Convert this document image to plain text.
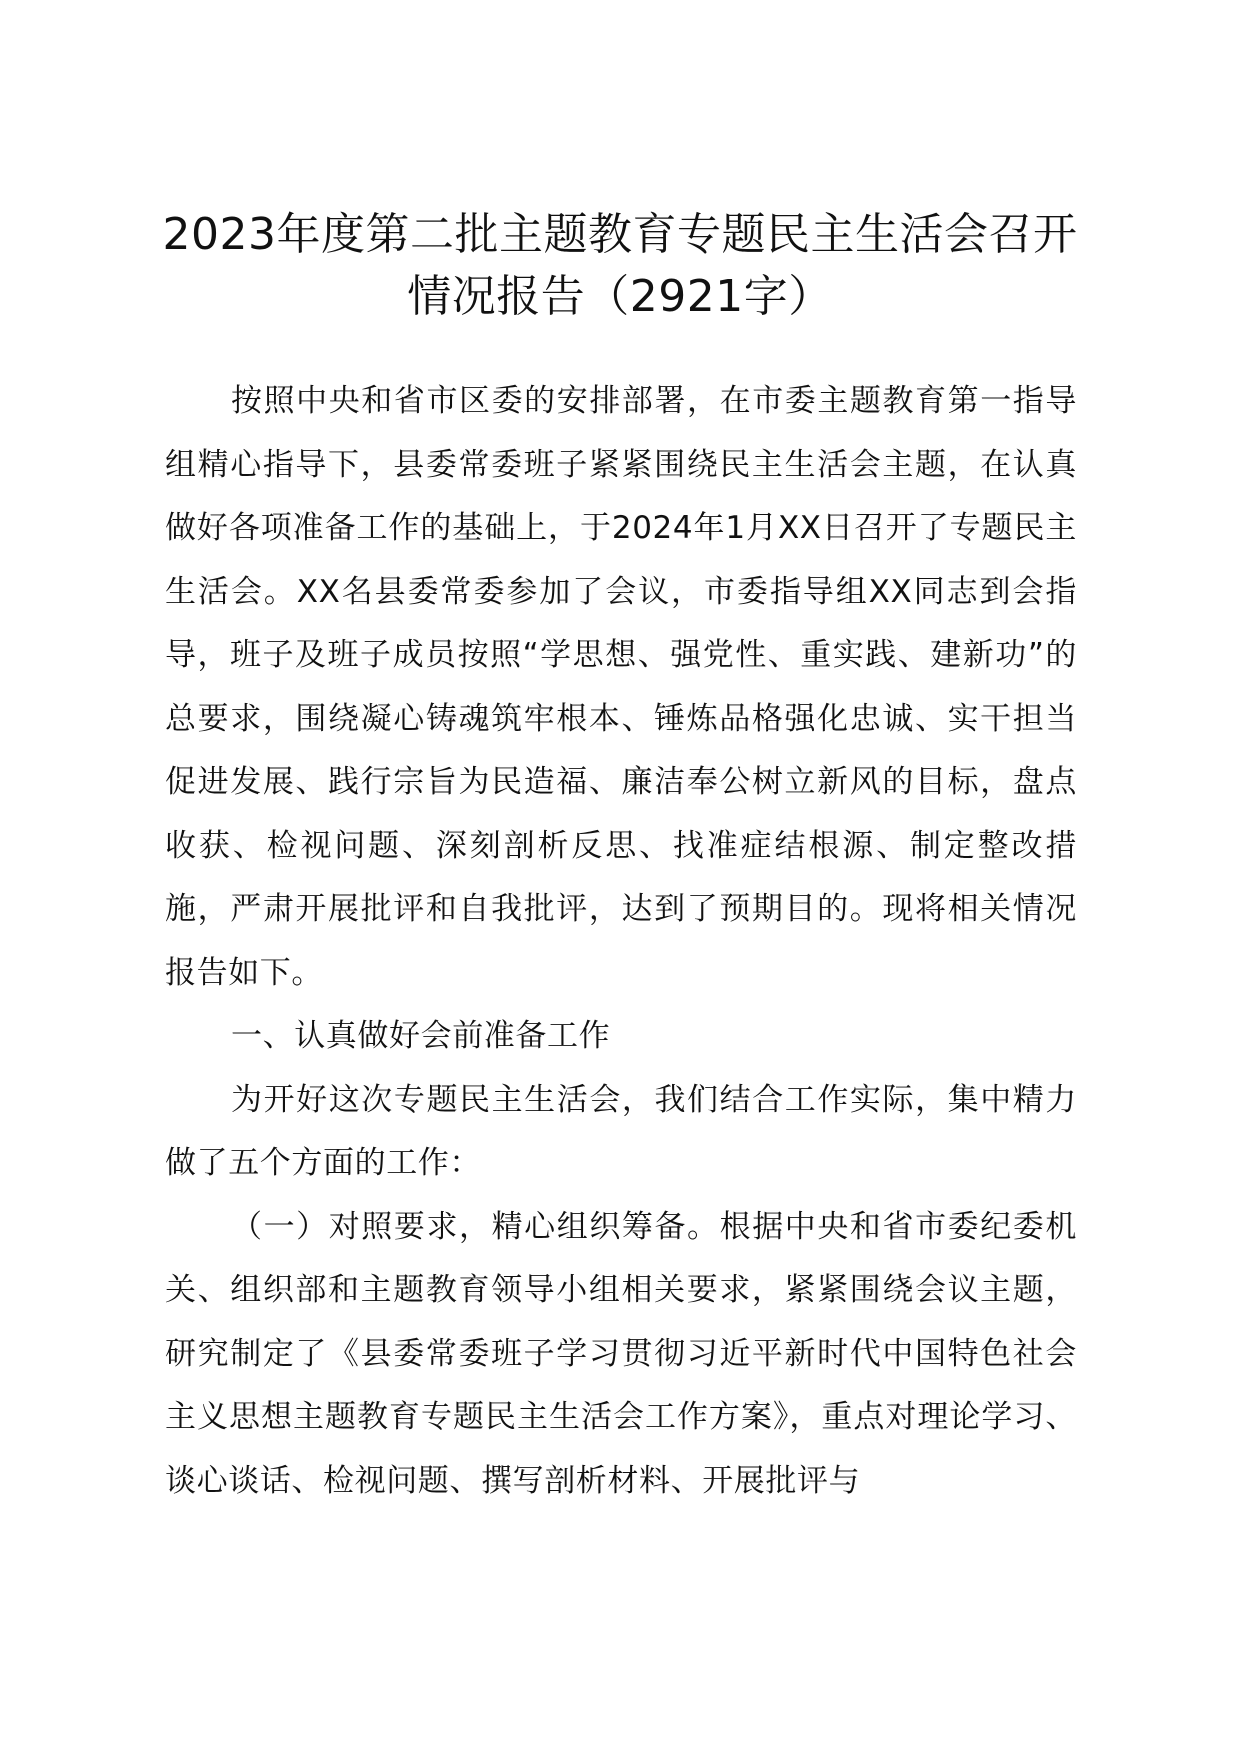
2023年度第二批主题教育专题民主生活会召开情况报告（2921字）

按照中央和省市区委的安排部署，在市委主题教育第一指导组精心指导下，县委常委班子紧紧围绕民主生活会主题，在认真做好各项准备工作的基础上，于2024年1月XX日召开了专题民主生活会。XX名县委常委参加了会议，市委指导组XX同志到会指导，班子及班子成员按照“学思想、强党性、重实践、建新功”的总要求，围绕凝心铸魂筑牢根本、锤炼品格强化忠诚、实干担当促进发展、践行宗旨为民造福、廉洁奉公树立新风的目标，盘点收获、检视问题、深刻剖析反思、找准症结根源、制定整改措施，严肃开展批评和自我批评，达到了预期目的。现将相关情况报告如下。

一、认真做好会前准备工作

为开好这次专题民主生活会，我们结合工作实际，集中精力做了五个方面的工作：

（一）对照要求，精心组织筹备。根据中央和省市委纪委机关、组织部和主题教育领导小组相关要求，紧紧围绕会议主题，研究制定了《县委常委班子学习贯彻习近平新时代中国特色社会主义思想主题教育专题民主生活会工作方案》，重点对理论学习、谈心谈话、检视问题、撰写剖析材料、开展批评与
